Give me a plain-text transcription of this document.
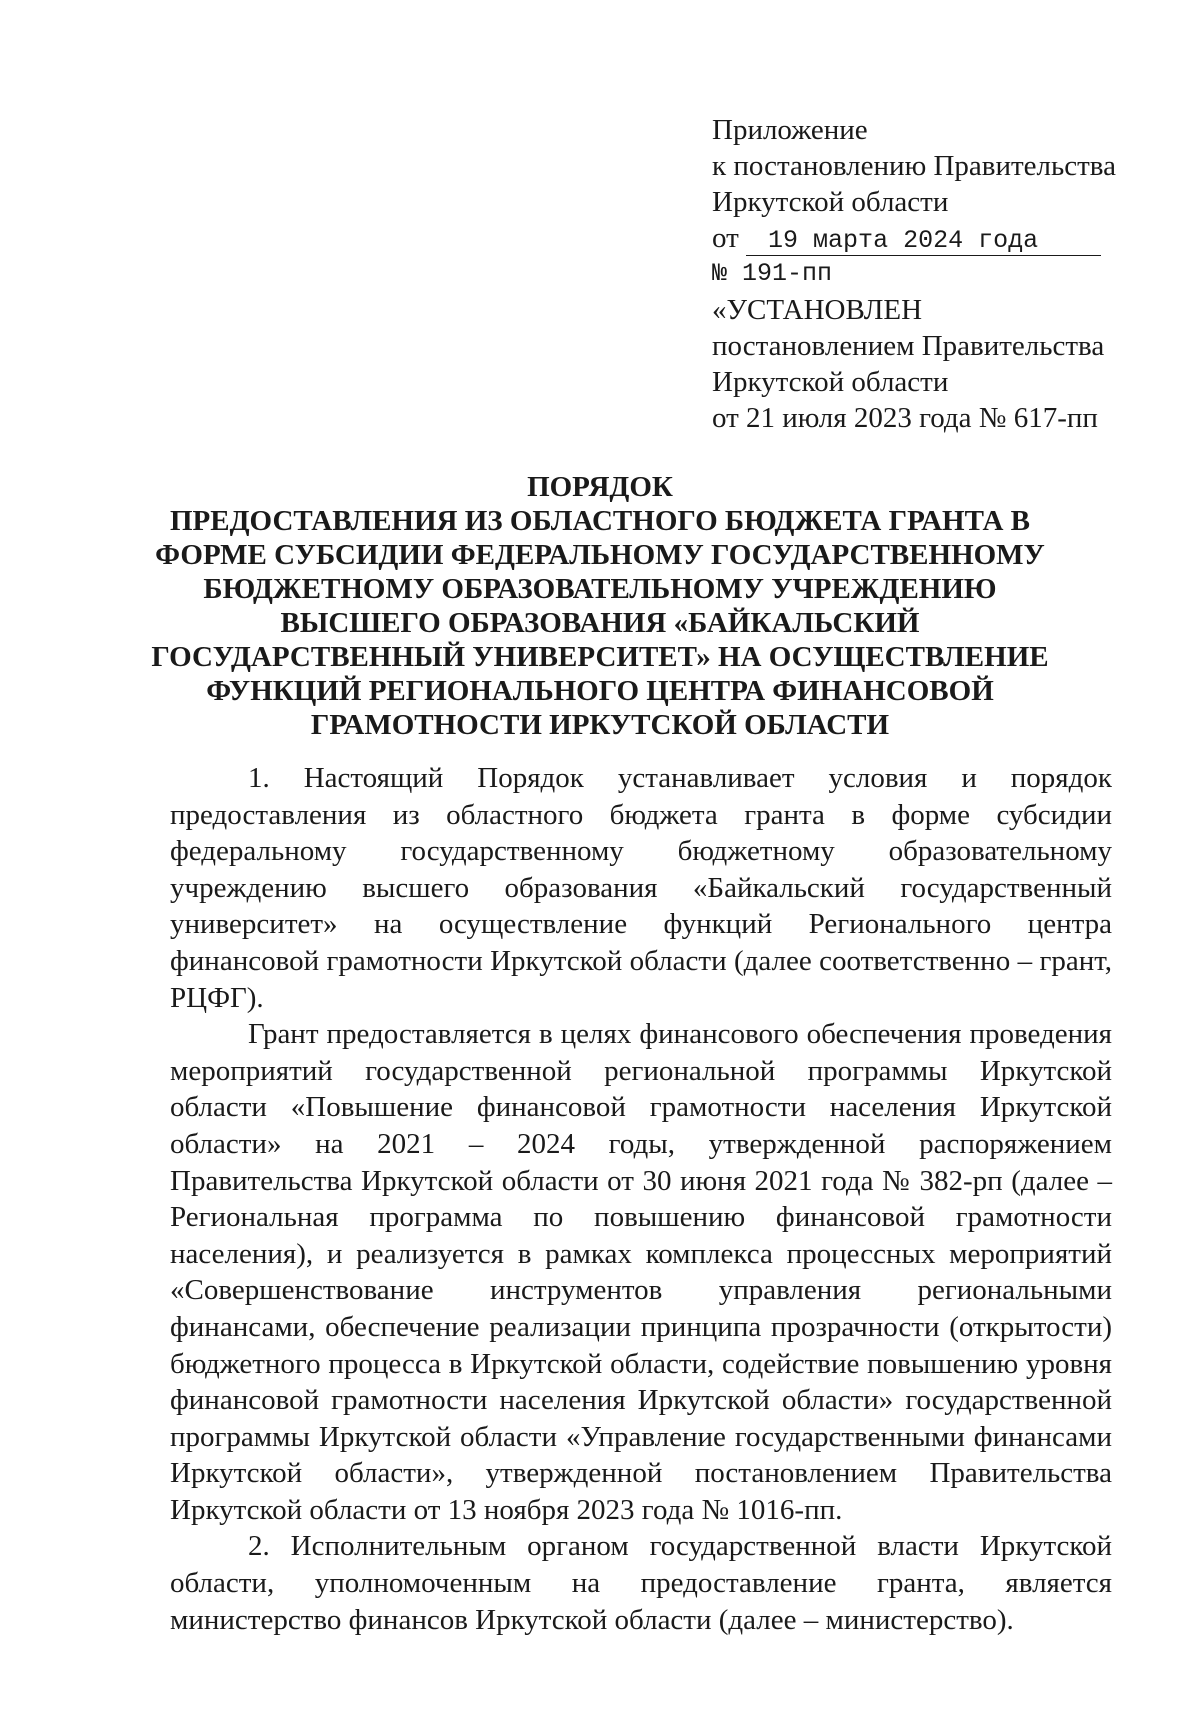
Приложение
к постановлению Правительства
Иркутской области
от 19 марта 2024 года
№ 191-пп
«УСТАНОВЛЕН
постановлением Правительства
Иркутской области
от 21 июля 2023 года № 617-пп
ПОРЯДОК
ПРЕДОСТАВЛЕНИЯ ИЗ ОБЛАСТНОГО БЮДЖЕТА ГРАНТА В
ФОРМЕ СУБСИДИИ ФЕДЕРАЛЬНОМУ ГОСУДАРСТВЕННОМУ
БЮДЖЕТНОМУ ОБРАЗОВАТЕЛЬНОМУ УЧРЕЖДЕНИЮ
ВЫСШЕГО ОБРАЗОВАНИЯ «БАЙКАЛЬСКИЙ
ГОСУДАРСТВЕННЫЙ УНИВЕРСИТЕТ» НА ОСУЩЕСТВЛЕНИЕ
ФУНКЦИЙ РЕГИОНАЛЬНОГО ЦЕНТРА ФИНАНСОВОЙ
ГРАМОТНОСТИ ИРКУТСКОЙ ОБЛАСТИ

1. Настоящий Порядок устанавливает условия и порядок предоставления из областного бюджета гранта в форме субсидии федеральному государственному бюджетному образовательному учреждению высшего образования «Байкальский государственный университет» на осуществление функций Регионального центра финансовой грамотности Иркутской области (далее соответственно – грант, РЦФГ).

Грант предоставляется в целях финансового обеспечения проведения мероприятий государственной региональной программы Иркутской области «Повышение финансовой грамотности населения Иркутской области» на 2021 – 2024 годы, утвержденной распоряжением Правительства Иркутской области от 30 июня 2021 года № 382-рп (далее – Региональная программа по повышению финансовой грамотности населения), и реализуется в рамках комплекса процессных мероприятий «Совершенствование инструментов управления региональными финансами, обеспечение реализации принципа прозрачности (открытости) бюджетного процесса в Иркутской области, содействие повышению уровня финансовой грамотности населения Иркутской области» государственной программы Иркутской области «Управление государственными финансами Иркутской области», утвержденной постановлением Правительства Иркутской области от 13 ноября 2023 года № 1016-пп.

2. Исполнительным органом государственной власти Иркутской области, уполномоченным на предоставление гранта, является министерство финансов Иркутской области (далее – министерство).
